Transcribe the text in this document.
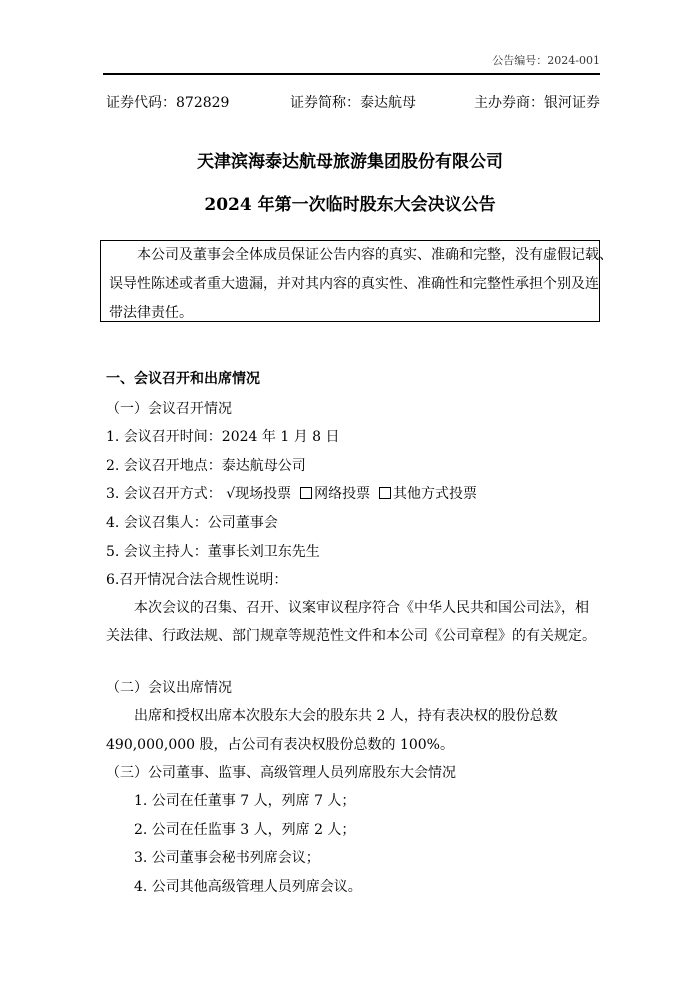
公告编号：2024-001
证券代码：872829	证券简称：泰达航母	主办券商：银河证券
天津滨海泰达航母旅游集团股份有限公司
2024 年第一次临时股东大会决议公告
本公司及董事会全体成员保证公告内容的真实、准确和完整，没有虚假记载、
误导性陈述或者重大遗漏，并对其内容的真实性、准确性和完整性承担个别及连
带法律责任。
一、会议召开和出席情况
（一）会议召开情况
1. 会议召开时间：2024 年 1 月 8 日
2. 会议召开地点：泰达航母公司
3. 会议召开方式： √现场投票 网络投票 其他方式投票
4. 会议召集人：公司董事会
5. 会议主持人：董事长刘卫东先生
6.召开情况合法合规性说明：
本次会议的召集、召开、议案审议程序符合《中华人民共和国公司法》，相
关法律、行政法规、部门规章等规范性文件和本公司《公司章程》的有关规定。
（二）会议出席情况
出席和授权出席本次股东大会的股东共 2 人，持有表决权的股份总数
490,000,000 股，占公司有表决权股份总数的 100%。
（三）公司董事、监事、高级管理人员列席股东大会情况
1. 公司在任董事 7 人，列席 7 人；
2. 公司在任监事 3 人，列席 2 人；
3. 公司董事会秘书列席会议；
4. 公司其他高级管理人员列席会议。
